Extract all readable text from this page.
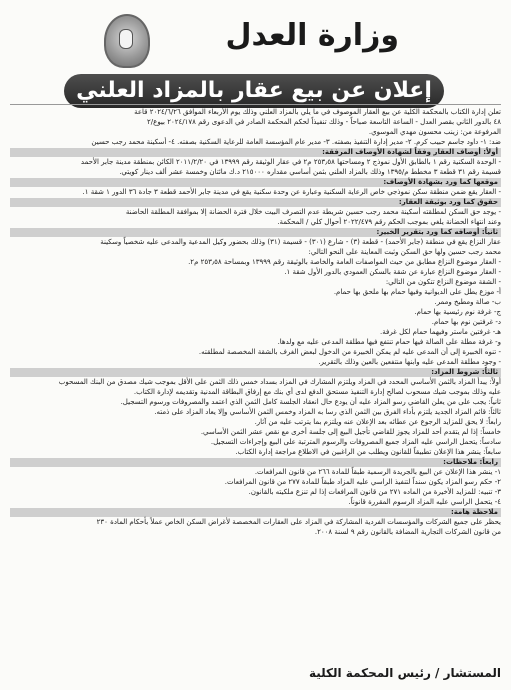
وزارة العدل
إعلان عن بيع عقار بالمزاد العلني
تعلن إدارة الكتاب بالمحكمة الكلية عن بيع العقار الموصوف في ما يلي بالمزاد العلني وذلك يوم الأربعاء الموافق ٢٠٢٤/٦/٢٦ قاعة
٤٨ بالدور الثاني بقصر العدل - الساعة التاسعة صباحاً - وذلك تنفيذاً لحكم المحكمة الصادر في الدعوى رقم ٢٠٢٤/١٧٨ بيوع/٢
المرفوعة من: زينب محسون مهدي الموسوي.
ضد: ١- داود جاسم حبيب كرم. ٢- مدير إدارة التنفيذ بصفته. ٣- مدير عام المؤسسة العامة للرعاية السكنية بصفته. ٤- أسكينة محمد رجب حسين
أولاً: أوصاف العقار وفقاً لشهادة الأوصاف المرفقة:
- الوحدة السكنية رقم ١ بالطابق الأول نموذج ٢ ومساحتها ٢٥٣٫٥٨ م٢ في عقار الوثيقة رقم ١٣٩٩٩ في ٢٠١١/٢/٢٠ الكائن بمنطقة مدينة جابر الأحمد
قسيمة رقم ٣١ قطعة ٣ مخطط م/١٣٩٥ وذلك بالمزاد العلني بثمن أساسي مقداره ٢١٥٠٠٠ د.ك مائتان وخمسة عشر ألف دينار كويتي.
موقعها كما ورد بشهادة الأوصاف:
- العقار يقع ضمن منطقة سكن نموذجي خاص الرعاية السكنية وعبارة عن وحدة سكنية يقع في مدينة جابر الأحمد قطعة ٣ جادة ٣٦ الدور ١ شقة ١.
حقوق كما ورد بوثيقة العقار:
- يوجد حق السكن لمطلقته أسكينة محمد رجب حسين شريطة عدم التصرف البيت خلال فترة الحضانة إلا بموافقة المطلقة الحاضنة
وعند انتهاء الحضانة يلغي بموجب الحكم رقم ٢٠٢٢/٤٧٩ أحوال كلي / المحكمة.
ثانياً: أوصافه كما ورد بتقرير الخبير:
عقار النزاع يقع في منطقة (جابر الأحمد) - قطعة (٣) - شارع (٣٠١) - قسيمة (٣١) وذلك بحضور وكيل المدعية والمدعى عليه شخصياً وسكينة
محمد رجب حسين ولها حق السكن وثبت المعاينة على النحو التالي:
- العقار موضوع النزاع مطابق من حيث المواصفات العامة والخاصة بالوثيقة رقم ١٣٩٩٩ وبمساحة ٢٥٣٫٥٨ م٢.
- العقار موضوع النزاع عبارة عن شقة بالسكن العمودي بالدور الأول شقة ١.
- الشقة موضوع النزاع تتكون من التالي:
أ- موزع يطل على الديوانية وفيها حمام بها ملحق بها حمام.
ب- صالة ومطبخ وممر.
ج- غرفة نوم رئيسية بها حمام.
د- غرفتين نوم بها حمام.
هـ- غرفتين ماستر وفيهما حمام لكل غرفة.
و- غرفة مطلة على الصالة فيها حمام تنتفع فيها مطلقة المدعى عليه مع ولدها.
- تنوه الخبيرة إلى أن المدعى عليه لم يمكن الخبيرة من الدخول لبعض الغرف بالشقة المخصصة لمطلقته.
- وجود مطلقة المدعى عليه وابنها منتفعين بالعين وذلك بالتقرير.
ثالثاً: شروط المزاد:
أولاً: يبدأ المزاد بالثمن الأساسي المحدد في المزاد ويلتزم المشارك في المزاد بسداد خمس ذلك الثمن على الأقل بموجب شيك مصدق من البنك المسحوب
عليه وذلك بموجب شيك مسحوب لصالح إدارة التنفيذ مستحق الدفع لدى أي بنك مع إرفاق البطاقة المدنية وتقديمه لإدارة الكتاب.
ثانياً: يجب على من يعلن القاضي رسو المزاد عليه أن يودع حال انعقاد الجلسة كامل الثمن الذي اعتمد والمصروفات ورسوم التسجيل.
ثالثاً: قائم المزاد الجديد يلتزم بأداء الفرق بين الثمن الذي رسا به المزاد وخمس الثمن الأساسي وإلا يعاد المزاد على ذمته.
رابعاً: لا يحق للمزايد الرجوع عن عطائه بعد الإعلان عنه ويلتزم بما يترتب عليه من آثار.
خامساً: إذا لم يتقدم أحد للمزاد يجوز للقاضي تأجيل البيع إلى جلسة أخرى مع نقص عشر الثمن الأساسي.
سادساً: يتحمل الراسي عليه المزاد جميع المصروفات والرسوم المترتبة على البيع وإجراءات التسجيل.
سابعاً: ينشر هذا الإعلان تطبيقاً للقانون ويطلب من الراغبين في الاطلاع مراجعة إدارة الكتاب.
رابعاً: ملاحظات:
١- ينشر هذا الإعلان عن البيع بالجريدة الرسمية طبقاً للمادة ٢٦٦ من قانون المرافعات.
٢- حكم رسو المزاد يكون سنداً لتنفيذ الراسي عليه المزاد طبقاً للمادة ٢٧٧ من قانون المرافعات.
٣- تنبيه: للمزايد الأخيرة من الماده ٢٧١ من قانون المرافعات إذا لم تنزع ملكيته بالقانون.
٤- يتحمل الراسي عليه المزاد الرسوم المقررة قانوناً.
ملاحظة هامة:
يحظر على جميع الشركات والمؤسسات الفردية المشاركة في المزاد على العقارات المخصصة لأغراض السكن الخاص عملاً بأحكام المادة ٢٣٠
من قانون الشركات التجارية المضافة بالقانون رقم ٩ لسنة ٢٠٠٨.
المستشار / رئيس المحكمة الكلية
